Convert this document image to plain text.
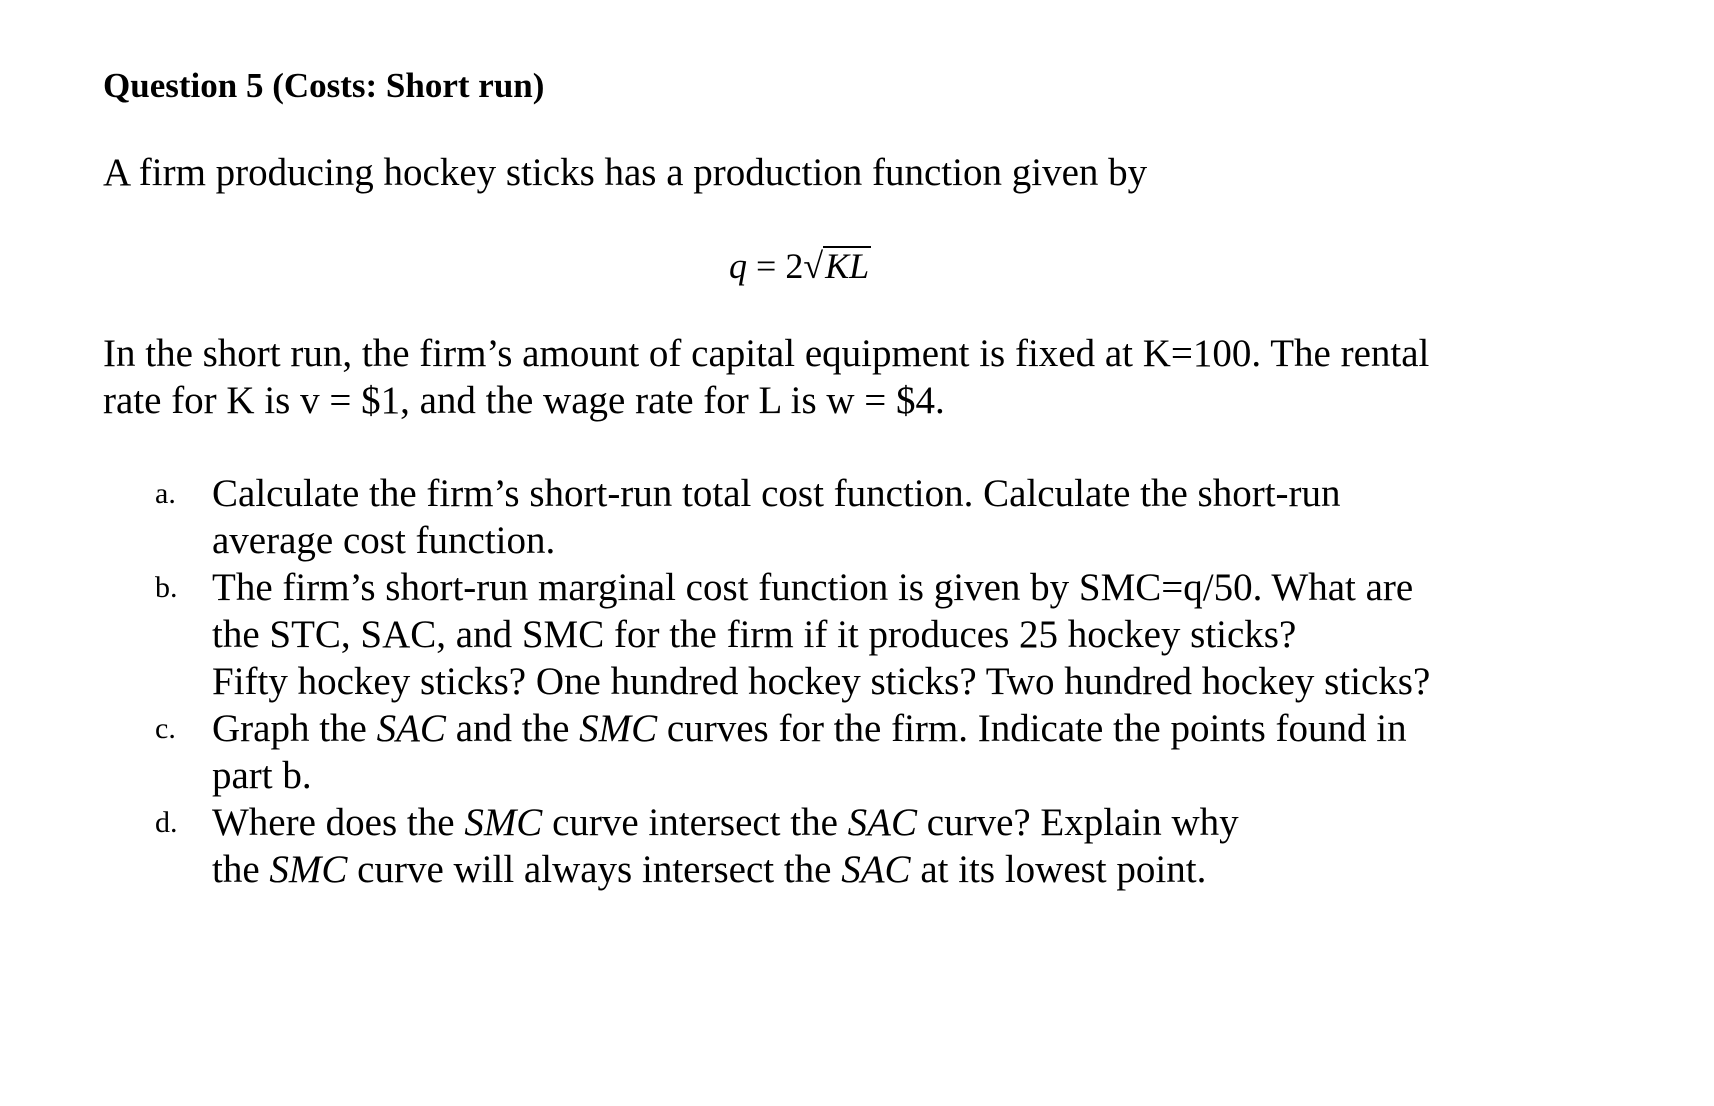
Question 5 (Costs: Short run)
A firm producing hockey sticks has a production function given by
q = 2√KL
In the short run, the firm’s amount of capital equipment is fixed at K=100. The rental
rate for K is v = $1, and the wage rate for L is w = $4.
a. Calculate the firm’s short-run total cost function. Calculate the short-run
average cost function.
b. The firm’s short-run marginal cost function is given by SMC=q/50. What are
the STC, SAC, and SMC for the firm if it produces 25 hockey sticks?
Fifty hockey sticks? One hundred hockey sticks? Two hundred hockey sticks?
c. Graph the SAC and the SMC curves for the firm. Indicate the points found in
part b.
d. Where does the SMC curve intersect the SAC curve? Explain why
the SMC curve will always intersect the SAC at its lowest point.
